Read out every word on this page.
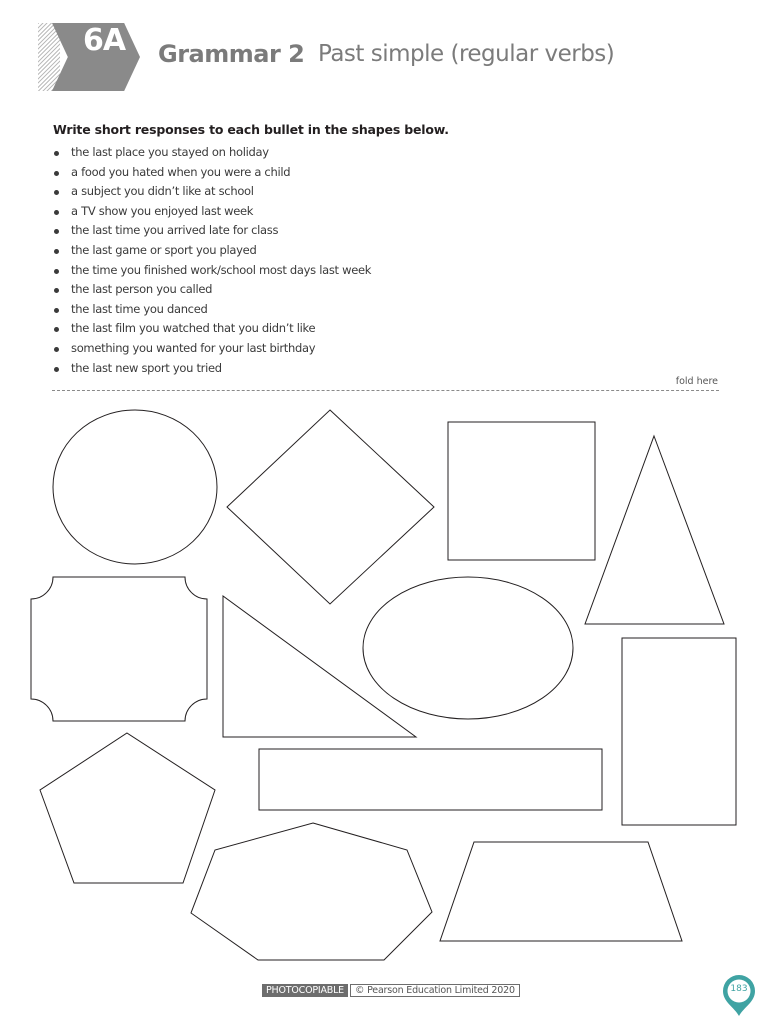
6A	Grammar 2 Past simple (regular verbs)
Write short responses to each bullet in the shapes below.
the last place you stayed on holiday
a food you hated when you were a child
a subject you didn’t like at school
a TV show you enjoyed last week
the last time you arrived late for class
the last game or sport you played
the time you finished work/school most days last week
the last person you called
the last time you danced
the last film you watched that you didn’t like
something you wanted for your last birthday
the last new sport you tried
fold here
PHOTOCOPIABLE	© Pearson Education Limited 2020	183
